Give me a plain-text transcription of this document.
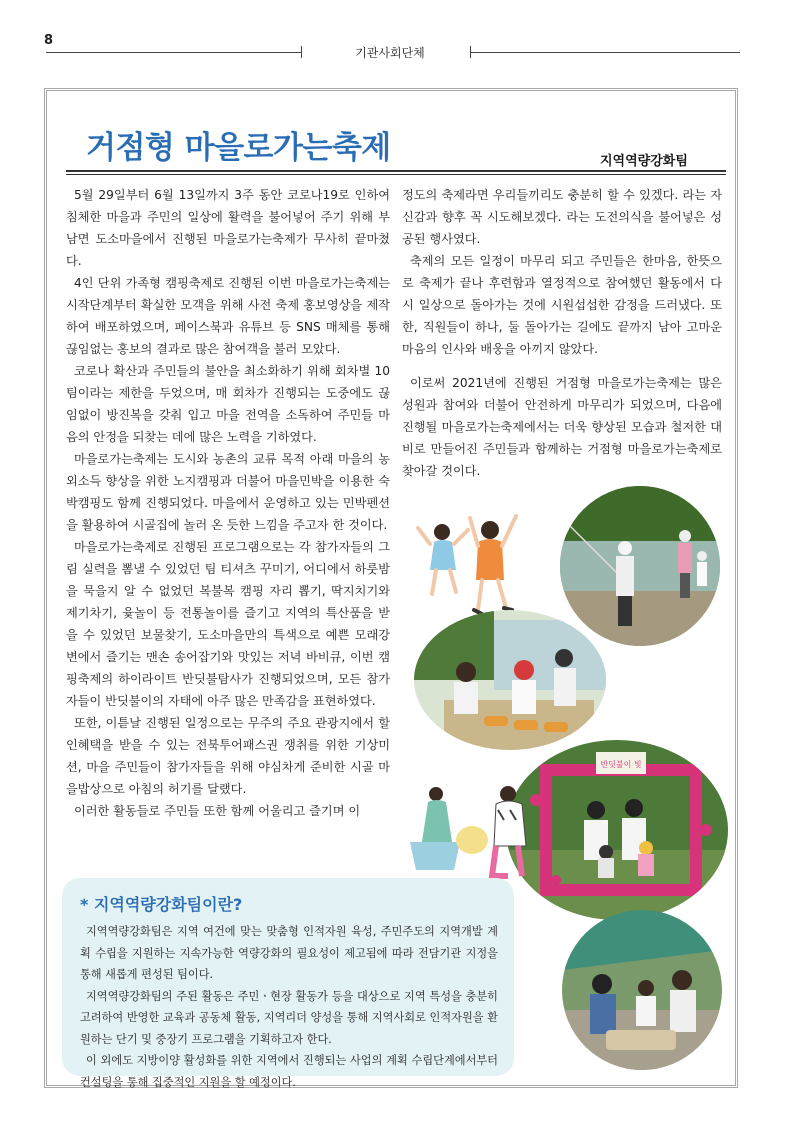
8
기관사회단체
거점형 마을로가는축제	지역역량강화팀

5월 29일부터 6월 13일까지 3주 동안 코로나19로 인하여 침체한 마을과 주민의 일상에 활력을 불어넣어 주기 위해 부남면 도소마을에서 진행된 마을로가는축제가 무사히 끝마쳤다.

4인 단위 가족형 캠핑축제로 진행된 이번 마을로가는축제는 시작단계부터 확실한 모객을 위해 사전 축제 홍보영상을 제작하여 배포하였으며, 페이스북과 유튜브 등 SNS 매체를 통해 끊임없는 홍보의 결과로 많은 참여객을 불러 모았다.

코로나 확산과 주민들의 불안을 최소화하기 위해 회차별 10팀이라는 제한을 두었으며, 매 회차가 진행되는 도중에도 끊임없이 방진복을 갖춰 입고 마을 전역을 소독하여 주민들 마음의 안정을 되찾는 데에 많은 노력을 기하였다.

마을로가는축제는 도시와 농촌의 교류 목적 아래 마을의 농외소득 향상을 위한 노지캠핑과 더불어 마을민박을 이용한 숙박캠핑도 함께 진행되었다. 마을에서 운영하고 있는 민박펜션을 활용하여 시골집에 놀러 온 듯한 느낌을 주고자 한 것이다.

마을로가는축제로 진행된 프로그램으로는 각 참가자들의 그림 실력을 뽐낼 수 있었던 팀 티셔츠 꾸미기, 어디에서 하룻밤을 묵을지 알 수 없었던 복불복 캠핑 자리 뽑기, 딱지치기와 제기차기, 윷놀이 등 전통놀이를 즐기고 지역의 특산품을 받을 수 있었던 보물찾기, 도소마을만의 특색으로 예쁜 모래강변에서 즐기는 맨손 송어잡기와 맛있는 저녁 바비큐, 이번 캠핑축제의 하이라이트 반딧불탐사가 진행되었으며, 모든 참가자들이 반딧불이의 자태에 아주 많은 만족감을 표현하였다.

또한, 이튿날 진행된 일정으로는 무주의 주요 관광지에서 할인혜택을 받을 수 있는 전북투어패스권 쟁취를 위한 기상미션, 마을 주민들이 참가자들을 위해 야심차게 준비한 시골 마을밥상으로 아침의 허기를 달랬다.

이러한 활동들로 주민들 또한 함께 어울리고 즐기며 이

정도의 축제라면 우리들끼리도 충분히 할 수 있겠다. 라는 자신감과 향후 꼭 시도해보겠다. 라는 도전의식을 불어넣은 성공된 행사였다.

축제의 모든 일정이 마무리 되고 주민들은 한마음, 한뜻으로 축제가 끝나 후련함과 열정적으로 참여했던 활동에서 다시 일상으로 돌아가는 것에 시원섭섭한 감정을 드러냈다. 또한, 직원들이 하나, 둘 돌아가는 길에도 끝까지 남아 고마운 마음의 인사와 배웅을 아끼지 않았다.

이로써 2021년에 진행된 거점형 마을로가는축제는 많은 성원과 참여와 더불어 안전하게 마무리가 되었으며, 다음에 진행될 마을로가는축제에서는 더욱 향상된 모습과 철저한 대비로 만들어진 주민들과 함께하는 거점형 마을로가는축제로 찾아갈 것이다.

반딧불이 빛
* 지역역량강화팀이란?

지역역량강화팀은 지역 여건에 맞는 맞춤형 인적자원 육성, 주민주도의 지역개발 계획 수립을 지원하는 지속가능한 역량강화의 필요성이 제고됨에 따라 전담기관 지정을 통해 새롭게 편성된 팀이다.

지역역량강화팀의 주된 활동은 주민ㆍ현장 활동가 등을 대상으로 지역 특성을 충분히 고려하여 반영한 교육과 공동체 활동, 지역리더 양성을 통해 지역사회로 인적자원을 환원하는 단기 및 중장기 프로그램을 기획하고자 한다.

이 외에도 지방이양 활성화를 위한 지역에서 진행되는 사업의 계획 수립단계에서부터 컨설팅을 통해 집중적인 지원을 할 예정이다.
